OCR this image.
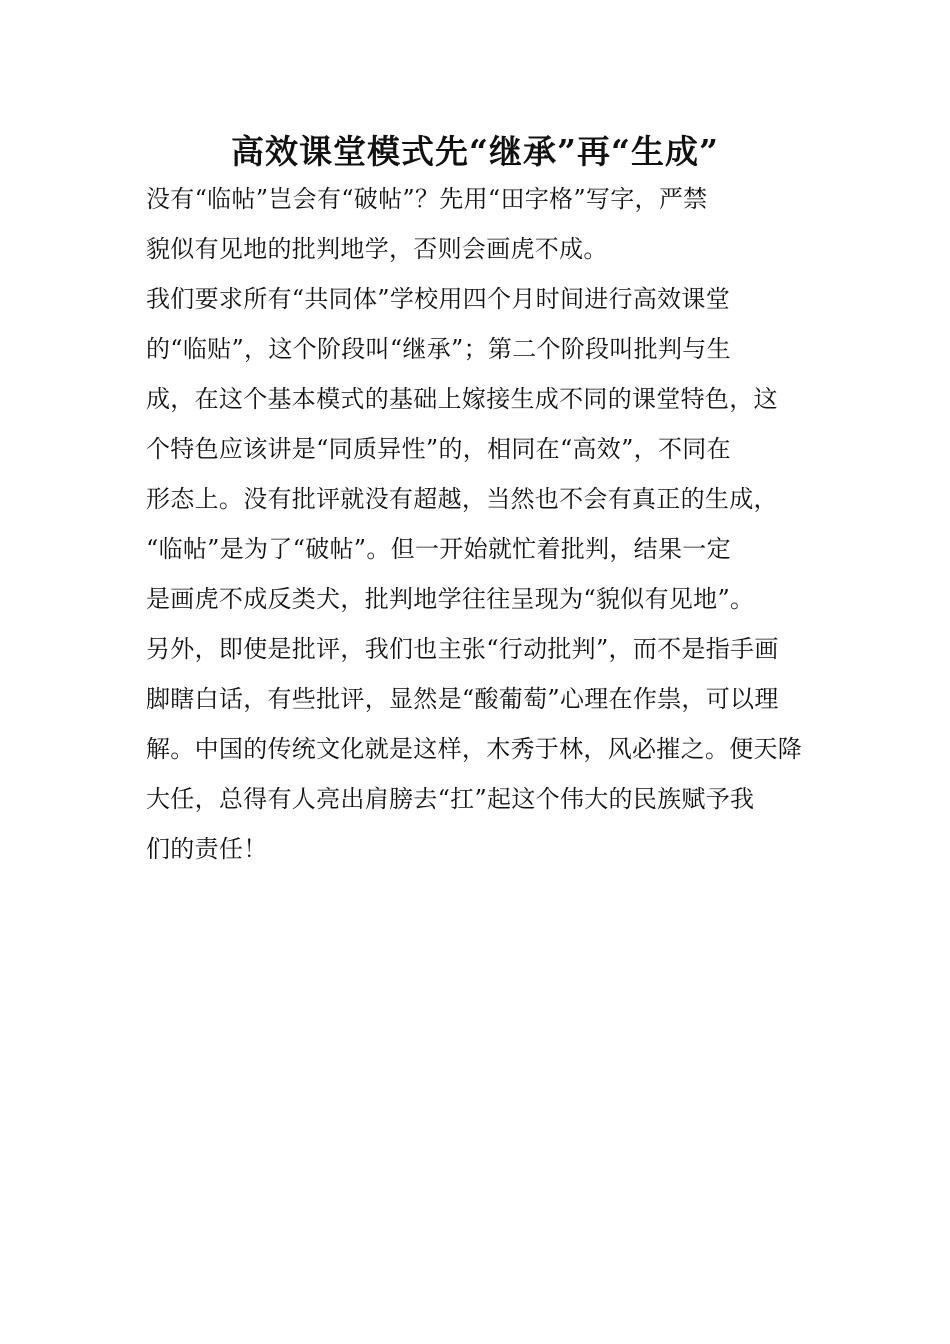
高效课堂模式先“继承”再“生成”
没有“临帖”岂会有“破帖”？先用“田字格”写字，严禁
貌似有见地的批判地学，否则会画虎不成。
我们要求所有“共同体”学校用四个月时间进行高效课堂
的“临贴”，这个阶段叫“继承”；第二个阶段叫批判与生
成，在这个基本模式的基础上嫁接生成不同的课堂特色，这
个特色应该讲是“同质异性”的，相同在“高效”，不同在
形态上。没有批评就没有超越，当然也不会有真正的生成，
“临帖”是为了“破帖”。但一开始就忙着批判，结果一定
是画虎不成反类犬，批判地学往往呈现为“貌似有见地”。
另外，即使是批评，我们也主张“行动批判”，而不是指手画
脚瞎白话，有些批评，显然是“酸葡萄”心理在作祟，可以理
解。中国的传统文化就是这样，木秀于林，风必摧之。便天降
大任，总得有人亮出肩膀去“扛”起这个伟大的民族赋予我
们的责任！
